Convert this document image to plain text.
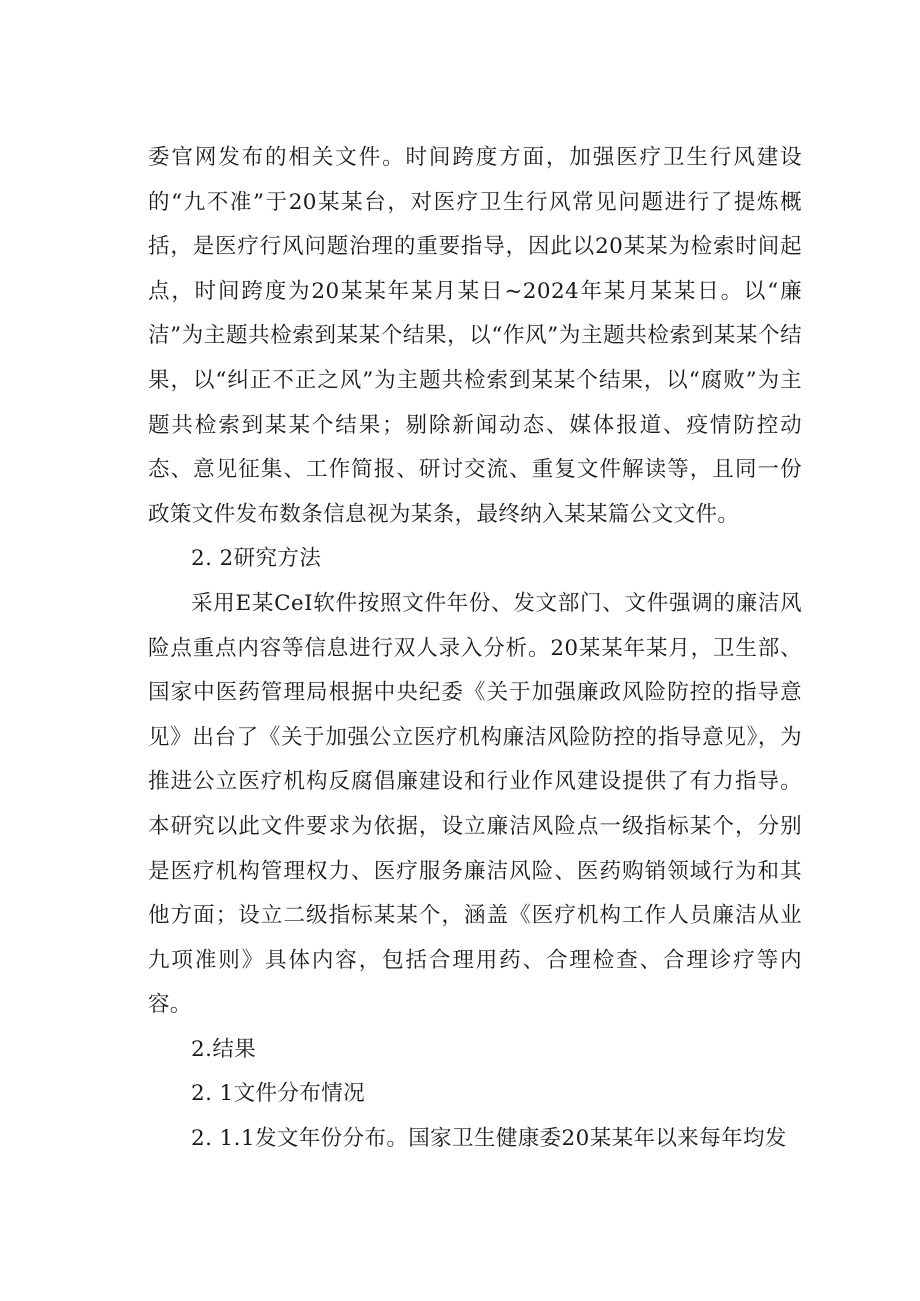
委官网发布的相关文件。时间跨度方面，加强医疗卫生行风建设的“九不准”于20某某台，对医疗卫生行风常见问题进行了提炼概括，是医疗行风问题治理的重要指导，因此以20某某为检索时间起点，时间跨度为20某某年某月某日~2024年某月某某日。以“廉洁”为主题共检索到某某个结果，以“作风”为主题共检索到某某个结果，以“纠正不正之风”为主题共检索到某某个结果，以“腐败”为主题共检索到某某个结果；剔除新闻动态、媒体报道、疫情防控动态、意见征集、工作简报、研讨交流、重复文件解读等，且同一份政策文件发布数条信息视为某条，最终纳入某某篇公文文件。

2. 2研究方法

采用E某CeI软件按照文件年份、发文部门、文件强调的廉洁风险点重点内容等信息进行双人录入分析。20某某年某月，卫生部、国家中医药管理局根据中央纪委《关于加强廉政风险防控的指导意见》出台了《关于加强公立医疗机构廉洁风险防控的指导意见》，为推进公立医疗机构反腐倡廉建设和行业作风建设提供了有力指导。本研究以此文件要求为依据，设立廉洁风险点一级指标某个，分别是医疗机构管理权力、医疗服务廉洁风险、医药购销领域行为和其他方面；设立二级指标某某个，涵盖《医疗机构工作人员廉洁从业九项准则》具体内容，包括合理用药、合理检查、合理诊疗等内容。

2.结果

2. 1文件分布情况

2. 1.1发文年份分布。国家卫生健康委20某某年以来每年均发
